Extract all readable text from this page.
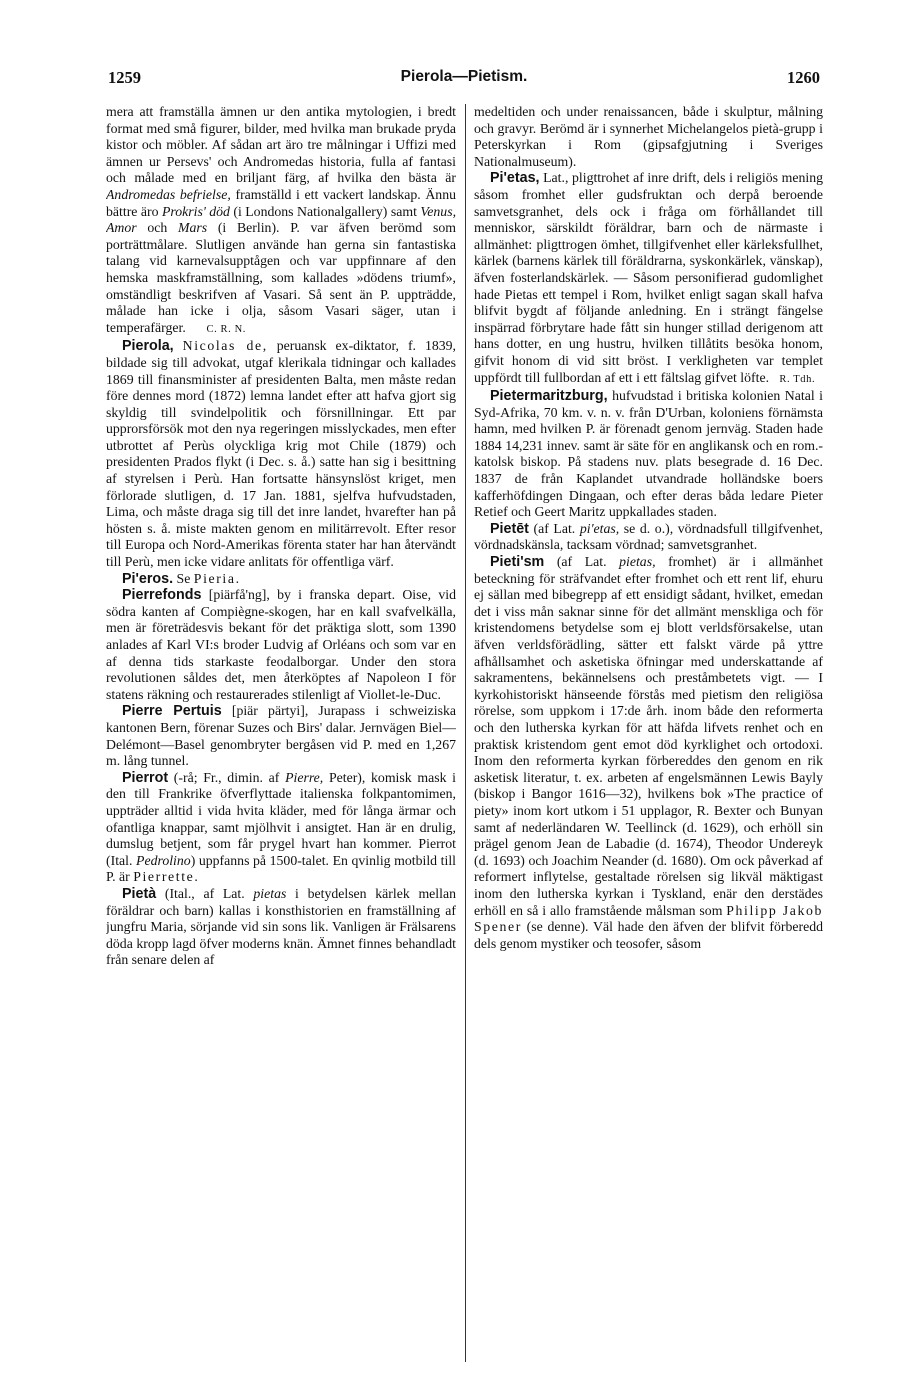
1259	Pierola—Pietism.	1260

mera att framställa ämnen ur den antika mytologien, i bredt format med små figurer, bilder, med hvilka man brukade pryda kistor och möbler. Af sådan art äro tre målningar i Uffizi med ämnen ur Persevs' och Andromedas historia, fulla af fantasi och målade med en briljant färg, af hvilka den bästa är Andromedas befrielse, framställd i ett vackert landskap. Ännu bättre äro Prokris' död (i Londons Nationalgallery) samt Venus, Amor och Mars (i Berlin). P. var äfven berömd som porträttmålare. Slutligen använde han gerna sin fantastiska talang vid karnevalsupptågen och var uppfinnare af den hemska maskframställning, som kallades »dödens triumf», omständligt beskrifven af Vasari. Så sent än P. uppträdde, målade han icke i olja, såsom Vasari säger, utan i temperafärger. C. R. N.

Pierola, Nicolas de, peruansk ex-diktator, f. 1839, bildade sig till advokat, utgaf klerikala tidningar och kallades 1869 till finansminister af presidenten Balta, men måste redan före dennes mord (1872) lemna landet efter att hafva gjort sig skyldig till svindelpolitik och försnillningar. Ett par upprorsförsök mot den nya regeringen misslyckades, men efter utbrottet af Perùs olyckliga krig mot Chile (1879) och presidenten Prados flykt (i Dec. s. å.) satte han sig i besittning af styrelsen i Perù. Han fortsatte hänsynslöst kriget, men förlorade slutligen, d. 17 Jan. 1881, sjelfva hufvudstaden, Lima, och måste draga sig till det inre landet, hvarefter han på hösten s. å. miste makten genom en militärrevolt. Efter resor till Europa och Nord-Amerikas förenta stater har han återvändt till Perù, men icke vidare anlitats för offentliga värf.

Pi'eros. Se Pieria.

Pierrefonds [piärfå'ng], by i franska depart. Oise, vid södra kanten af Compiègne-skogen, har en kall svafvelkälla, men är företrädesvis bekant för det präktiga slott, som 1390 anlades af Karl VI:s broder Ludvig af Orléans och som var en af denna tids starkaste feodalborgar. Under den stora revolutionen såldes det, men återköptes af Napoleon I för statens räkning och restaurerades stilenligt af Viollet-le-Duc.

Pierre Pertuis [piär pärtyi], Jurapass i schweiziska kantonen Bern, förenar Suzes och Birs' dalar. Jernvägen Biel—Delémont—Basel genombryter bergåsen vid P. med en 1,267 m. lång tunnel.

Pierrot (-rå; Fr., dimin. af Pierre, Peter), komisk mask i den till Frankrike öfverflyttade italienska folkpantomimen, uppträder alltid i vida hvita kläder, med för långa ärmar och ofantliga knappar, samt mjölhvit i ansigtet. Han är en drulig, dumslug betjent, som får prygel hvart han kommer. Pierrot (Ital. Pedrolino) uppfanns på 1500-talet. En qvinlig motbild till P. är Pierrette.

Pietà (Ital., af Lat. pietas i betydelsen kärlek mellan föräldrar och barn) kallas i konsthistorien en framställning af jungfru Maria, sörjande vid sin sons lik. Vanligen är Frälsarens döda kropp lagd öfver moderns knän. Ämnet finnes behandladt från senare delen af

medeltiden och under renaissancen, både i skulptur, målning och gravyr. Berömd är i synnerhet Michelangelos pietà-grupp i Peterskyrkan i Rom (gipsafgjutning i Sveriges Nationalmuseum).

Pi'etas, Lat., pligttrohet af inre drift, dels i religiös mening såsom fromhet eller gudsfruktan och derpå beroende samvetsgranhet, dels ock i fråga om förhållandet till menniskor, särskildt föräldrar, barn och de närmaste i allmänhet: pligttrogen ömhet, tillgifvenhet eller kärleksfullhet, kärlek (barnens kärlek till föräldrarna, syskonkärlek, vänskap), äfven fosterlandskärlek. — Såsom personifierad gudomlighet hade Pietas ett tempel i Rom, hvilket enligt sagan skall hafva blifvit bygdt af följande anledning. En i strängt fängelse inspärrad förbrytare hade fått sin hunger stillad derigenom att hans dotter, en ung hustru, hvilken tillåtits besöka honom, gifvit honom di vid sitt bröst. I verkligheten var templet uppfördt till fullbordan af ett i ett fältslag gifvet löfte. R. Tdh.

Pietermaritzburg, hufvudstad i britiska kolonien Natal i Syd-Afrika, 70 km. v. n. v. från D'Urban, koloniens förnämsta hamn, med hvilken P. är förenadt genom jernväg. Staden hade 1884 14,231 innev. samt är säte för en anglikansk och en rom.-katolsk biskop. På stadens nuv. plats besegrade d. 16 Dec. 1837 de från Kaplandet utvandrade holländske boers kafferhöfdingen Dingaan, och efter deras båda ledare Pieter Retief och Geert Maritz uppkallades staden.

Pietēt (af Lat. pi'etas, se d. o.), vördnadsfull tillgifvenhet, vördnadskänsla, tacksam vördnad; samvetsgranhet.

Pieti'sm (af Lat. pietas, fromhet) är i allmänhet beteckning för sträfvandet efter fromhet och ett rent lif, ehuru ej sällan med bibegrepp af ett ensidigt sådant, hvilket, emedan det i viss mån saknar sinne för det allmänt menskliga och för kristendomens betydelse som ej blott verldsförsakelse, utan äfven verldsförädling, sätter ett falskt värde på yttre afhållsamhet och asketiska öfningar med underskattande af sakramentens, bekännelsens och preståmbetets vigt. — I kyrkohistoriskt hänseende förstås med pietism den religiösa rörelse, som uppkom i 17:de årh. inom både den reformerta och den lutherska kyrkan för att häfda lifvets renhet och en praktisk kristendom gent emot död kyrklighet och ortodoxi. Inom den reformerta kyrkan förbereddes den genom en rik asketisk literatur, t. ex. arbeten af engelsmännen Lewis Bayly (biskop i Bangor 1616—32), hvilkens bok »The practice of piety» inom kort utkom i 51 upplagor, R. Bexter och Bunyan samt af nederländaren W. Teellinck (d. 1629), och erhöll sin prägel genom Jean de Labadie (d. 1674), Theodor Undereyk (d. 1693) och Joachim Neander (d. 1680). Om ock påverkad af reformert inflytelse, gestaltade rörelsen sig likväl mäktigast inom den lutherska kyrkan i Tyskland, enär den derstädes erhöll en så i allo framstående målsman som Philipp Jakob Spener (se denne). Väl hade den äfven der blifvit förberedd dels genom mystiker och teosofer, såsom
